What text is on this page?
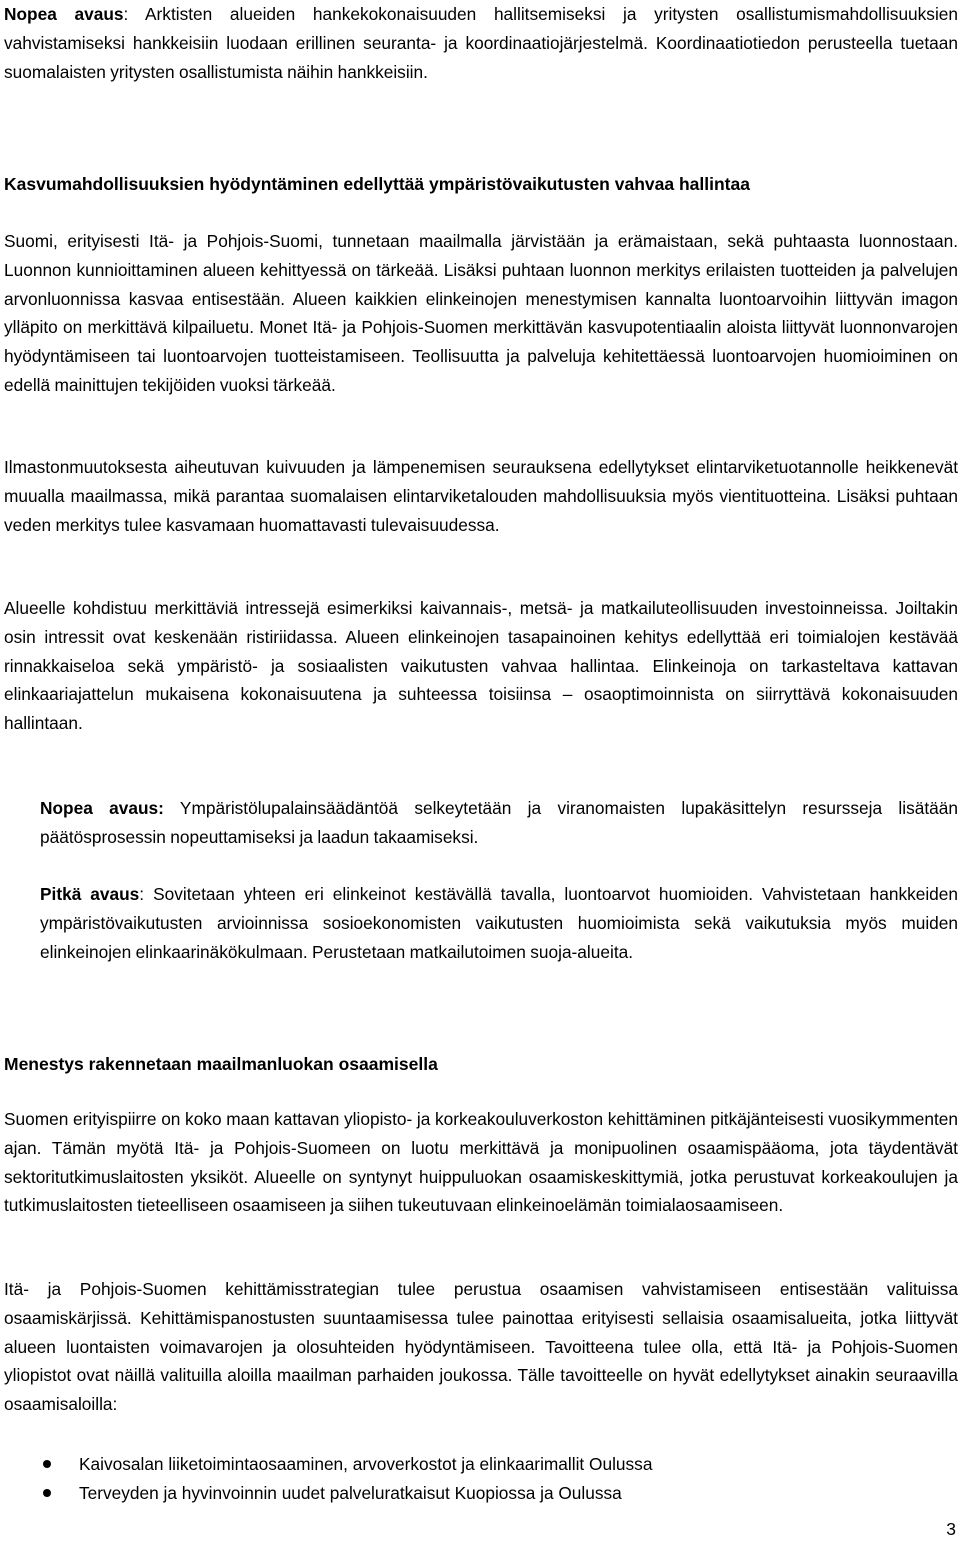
Nopea avaus: Arktisten alueiden hankekokonaisuuden hallitsemiseksi ja yritysten osallistumismahdollisuuksien vahvistamiseksi hankkeisiin luodaan erillinen seuranta- ja koordinaatiojärjestelmä. Koordinaatiotiedon perusteella tuetaan suomalaisten yritysten osallistumista näihin hankkeisiin.

Kasvumahdollisuuksien hyödyntäminen edellyttää ympäristövaikutusten vahvaa hallintaa

Suomi, erityisesti Itä- ja Pohjois-Suomi, tunnetaan maailmalla järvistään ja erämaistaan, sekä puhtaasta luonnostaan. Luonnon kunnioittaminen alueen kehittyessä on tärkeää. Lisäksi puhtaan luonnon merkitys erilaisten tuotteiden ja palvelujen arvonluonnissa kasvaa entisestään. Alueen kaikkien elinkeinojen menestymisen kannalta luontoarvoihin liittyvän imagon ylläpito on merkittävä kilpailuetu. Monet Itä- ja Pohjois-Suomen merkittävän kasvupotentiaalin aloista liittyvät luonnonvarojen hyödyntämiseen tai luontoarvojen tuotteistamiseen. Teollisuutta ja palveluja kehitettäessä luontoarvojen huomioiminen on edellä mainittujen tekijöiden vuoksi tärkeää.

Ilmastonmuutoksesta aiheutuvan kuivuuden ja lämpenemisen seurauksena edellytykset elintarviketuotannolle heikkenevät muualla maailmassa, mikä parantaa suomalaisen elintarviketalouden mahdollisuuksia myös vientituotteina. Lisäksi puhtaan veden merkitys tulee kasvamaan huomattavasti tulevaisuudessa.

Alueelle kohdistuu merkittäviä intressejä esimerkiksi kaivannais-, metsä- ja matkailuteollisuuden investoinneissa. Joiltakin osin intressit ovat keskenään ristiriidassa. Alueen elinkeinojen tasapainoinen kehitys edellyttää eri toimialojen kestävää rinnakkaiseloa sekä ympäristö- ja sosiaalisten vaikutusten vahvaa hallintaa. Elinkeinoja on tarkasteltava kattavan elinkaariajattelun mukaisena kokonaisuutena ja suhteessa toisiinsa – osaoptimoinnista on siirryttävä kokonaisuuden hallintaan.

Nopea avaus: Ympäristölupalainsäädäntöä selkeytetään ja viranomaisten lupakäsittelyn resursseja lisätään päätösprosessin nopeuttamiseksi ja laadun takaamiseksi.

Pitkä avaus: Sovitetaan yhteen eri elinkeinot kestävällä tavalla, luontoarvot huomioiden. Vahvistetaan hankkeiden ympäristövaikutusten arvioinnissa sosioekonomisten vaikutusten huomioimista sekä vaikutuksia myös muiden elinkeinojen elinkaarinäkökulmaan. Perustetaan matkailutoimen suoja-alueita.

Menestys rakennetaan maailmanluokan osaamisella

Suomen erityispiirre on koko maan kattavan yliopisto- ja korkeakouluverkoston kehittäminen pitkäjänteisesti vuosikymmenten ajan. Tämän myötä Itä- ja Pohjois-Suomeen on luotu merkittävä ja monipuolinen osaamispääoma, jota täydentävät sektoritutkimuslaitosten yksiköt. Alueelle on syntynyt huippuluokan osaamiskeskittymiä, jotka perustuvat korkeakoulujen ja tutkimuslaitosten tieteelliseen osaamiseen ja siihen tukeutuvaan elinkeinoelämän toimialaosaamiseen.

Itä- ja Pohjois-Suomen kehittämisstrategian tulee perustua osaamisen vahvistamiseen entisestään valituissa osaamiskärjissä. Kehittämispanostusten suuntaamisessa tulee painottaa erityisesti sellaisia osaamisalueita, jotka liittyvät alueen luontaisten voimavarojen ja olosuhteiden hyödyntämiseen. Tavoitteena tulee olla, että Itä- ja Pohjois-Suomen yliopistot ovat näillä valituilla aloilla maailman parhaiden joukossa. Tälle tavoitteelle on hyvät edellytykset ainakin seuraavilla osaamisaloilla:

Kaivosalan liiketoimintaosaaminen, arvoverkostot ja elinkaarimallit Oulussa
Terveyden ja hyvinvoinnin uudet palveluratkaisut Kuopiossa ja Oulussa
3
